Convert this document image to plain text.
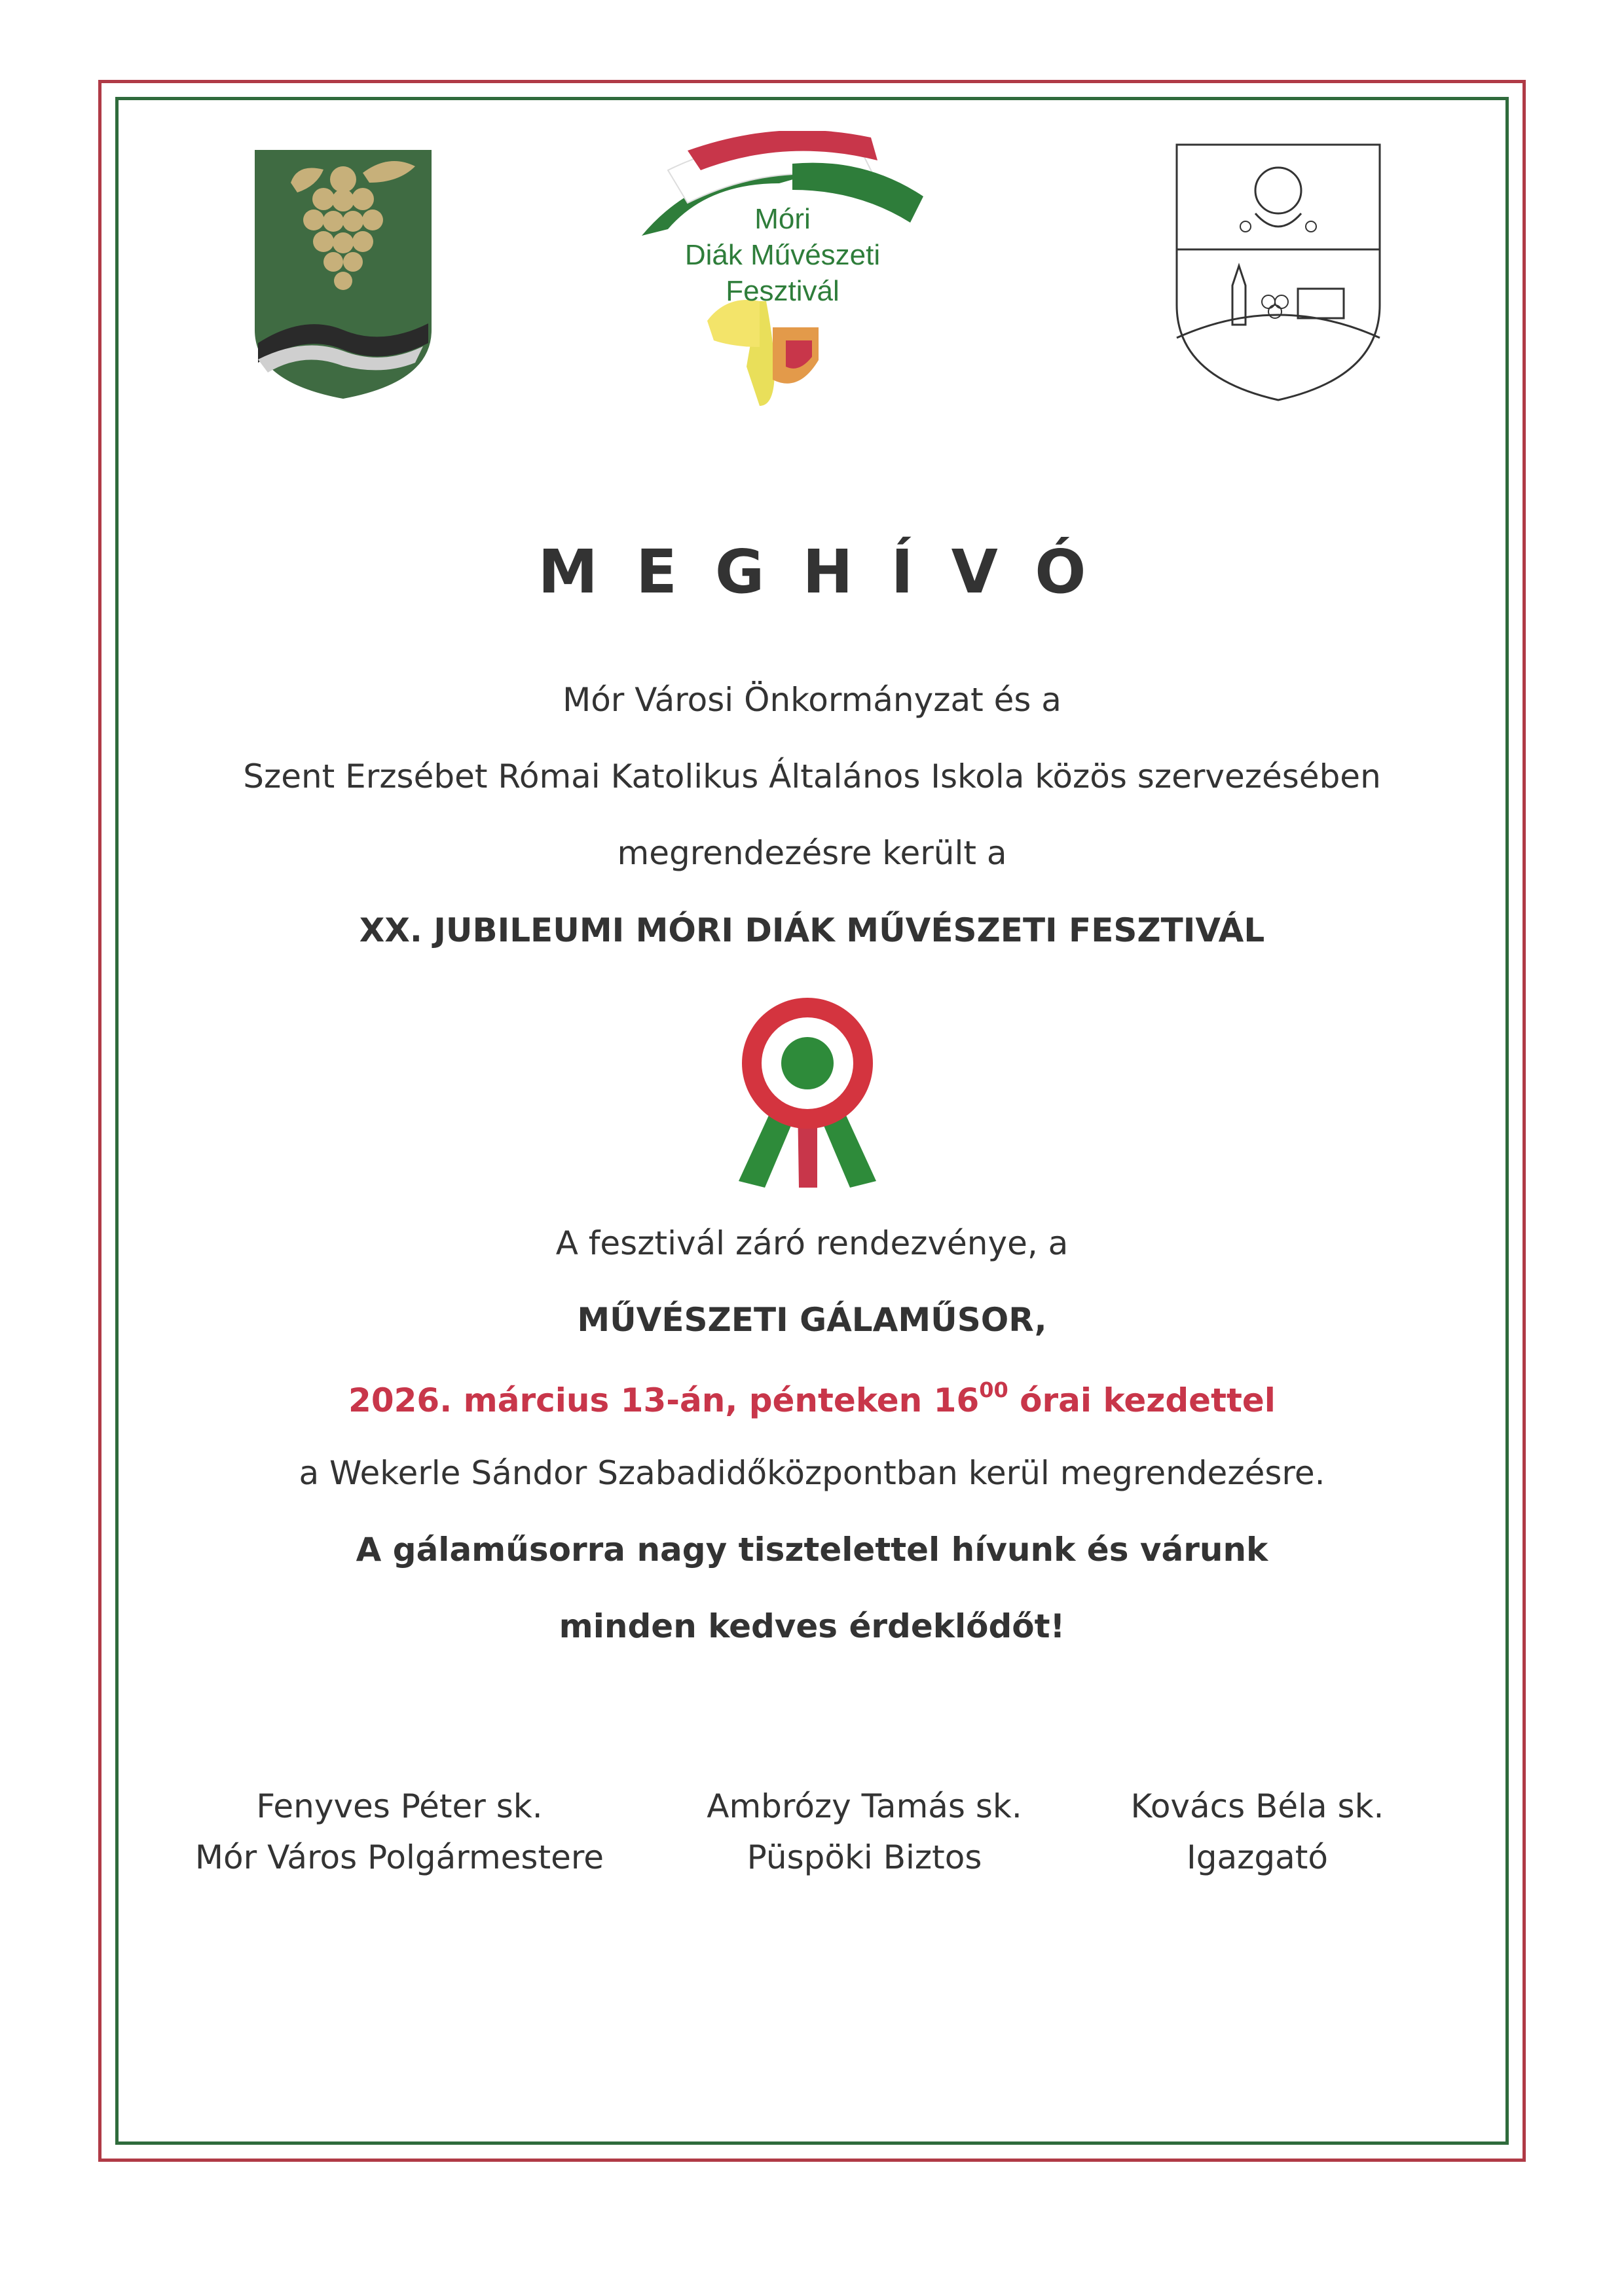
Móri
Diák Művészeti
Fesztivál
MEGHÍVÓ
Mór Városi Önkormányzat és a
Szent Erzsébet Római Katolikus Általános Iskola közös szervezésében
megrendezésre került a
XX. JUBILEUMI MÓRI DIÁK MŰVÉSZETI FESZTIVÁL
A fesztivál záró rendezvénye, a
MŰVÉSZETI GÁLAMŰSOR,
2026. március 13-án, pénteken $16^{00}$ órai kezdettel
a Wekerle Sándor Szabadidőközpontban kerül megrendezésre.
A gálaműsorra nagy tisztelettel hívunk és várunk
minden kedves érdeklődőt!
Fenyves Péter sk.
Mór Város Polgármestere
Ambrózy Tamás sk.
Püspöki Biztos
Kovács Béla sk.
Igazgató
